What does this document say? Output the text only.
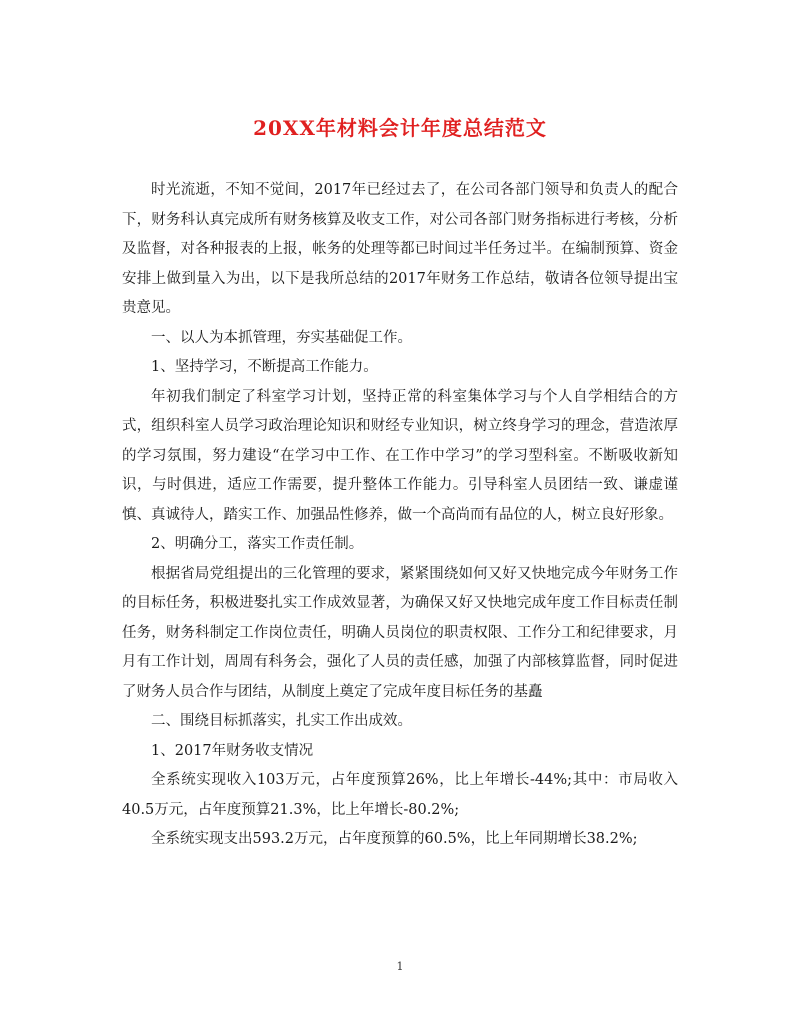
20XX年材料会计年度总结范文

时光流逝，不知不觉间，2017年已经过去了，在公司各部门领导和负责人的配合下，财务科认真完成所有财务核算及收支工作，对公司各部门财务指标进行考核，分析及监督，对各种报表的上报，帐务的处理等都已时间过半任务过半。在编制预算、资金安排上做到量入为出，以下是我所总结的2017年财务工作总结，敬请各位领导提出宝贵意见。

一、以人为本抓管理，夯实基础促工作。

1、坚持学习，不断提高工作能力。

年初我们制定了科室学习计划，坚持正常的科室集体学习与个人自学相结合的方式，组织科室人员学习政治理论知识和财经专业知识，树立终身学习的理念，营造浓厚的学习氛围，努力建设“在学习中工作、在工作中学习”的学习型科室。不断吸收新知识，与时俱进，适应工作需要，提升整体工作能力。引导科室人员团结一致、谦虚谨慎、真诚待人，踏实工作、加强品性修养，做一个高尚而有品位的人，树立良好形象。

2、明确分工，落实工作责任制。

根据省局党组提出的三化管理的要求，紧紧围绕如何又好又快地完成今年财务工作的目标任务，积极进娶扎实工作成效显著，为确保又好又快地完成年度工作目标责任制任务，财务科制定工作岗位责任，明确人员岗位的职责权限、工作分工和纪律要求，月月有工作计划，周周有科务会，强化了人员的责任感，加强了内部核算监督，同时促进了财务人员合作与团结，从制度上奠定了完成年度目标任务的基矗

二、围绕目标抓落实，扎实工作出成效。

1、2017年财务收支情况

全系统实现收入103万元，占年度预算26%，比上年增长-44%;其中：市局收入40.5万元，占年度预算21.3%，比上年增长-80.2%;

全系统实现支出593.2万元，占年度预算的60.5%，比上年同期增长38.2%;

1
